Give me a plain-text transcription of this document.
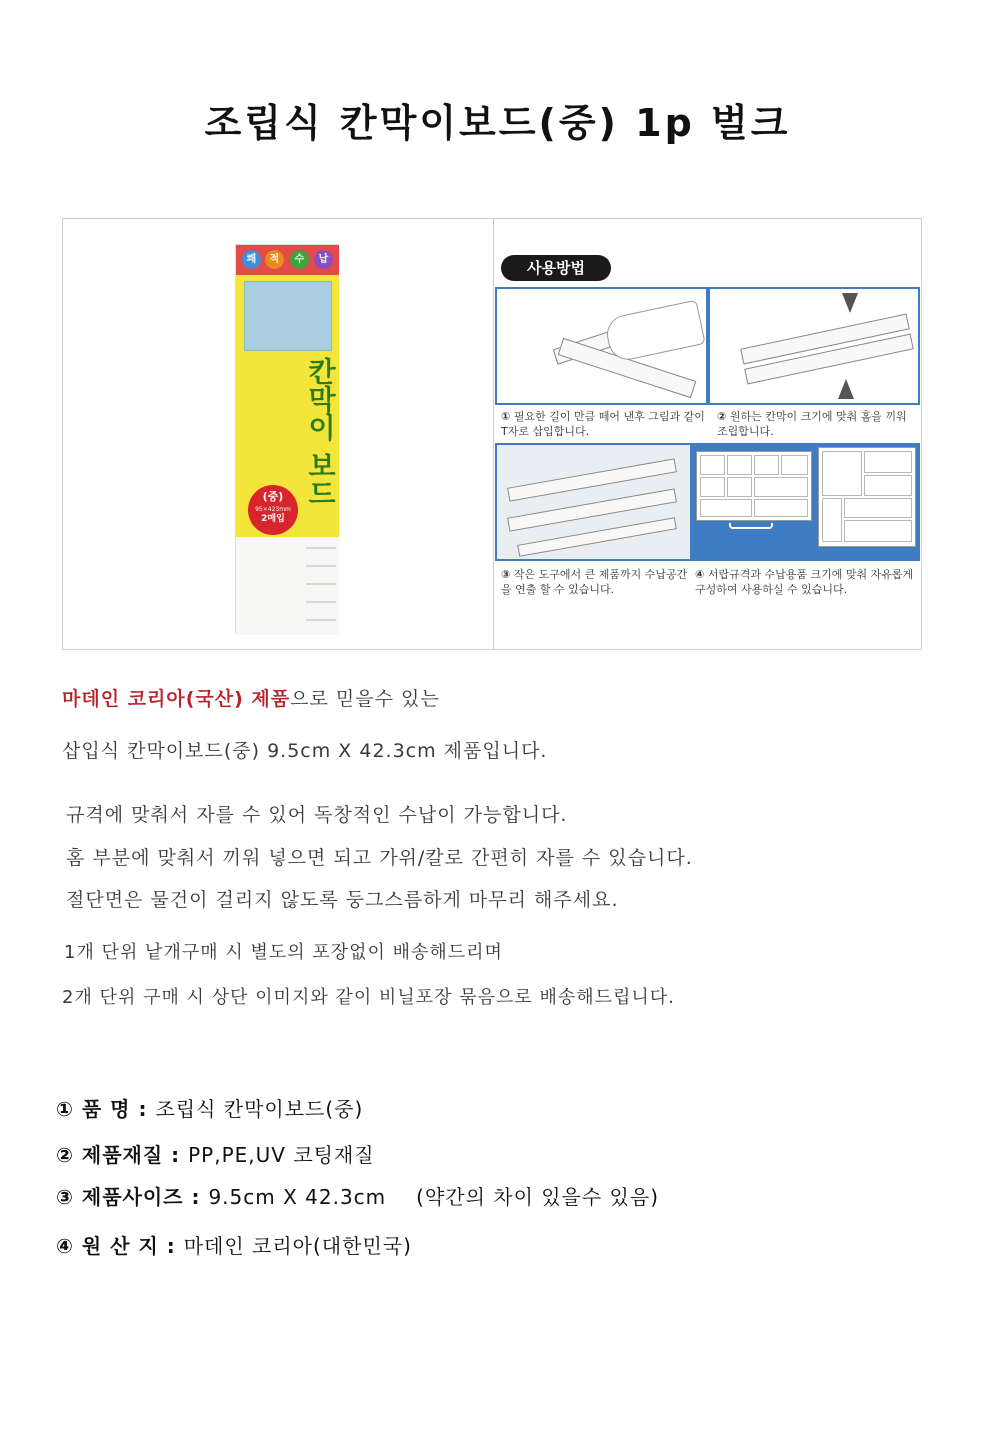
조립식 칸막이보드(중) 1p 벌크
쾌	적	수	납
칸막이 보드
(중)
95×423mm
2매입
사용방법
① 필요한 길이 만큼 떼어 낸후 그림과 같이 T자로 삽입합니다.
② 원하는 칸막이 크기에 맞춰 홈을 끼워 조립합니다.
③ 작은 도구에서 큰 제품까지 수납공간을 연출 할 수 있습니다.
④ 서랍규격과 수납용품 크기에 맞춰 자유롭게 구성하여 사용하실 수 있습니다.
마데인 코리아(국산) 제품으로 믿을수 있는
삽입식 칸막이보드(중) 9.5cm X 42.3cm 제품입니다.
규격에 맞춰서 자를 수 있어 독창적인 수납이 가능합니다.
홈 부분에 맞춰서 끼워 넣으면 되고 가위/칼로 간편히 자를 수 있습니다.
절단면은 물건이 걸리지 않도록 둥그스름하게 마무리 해주세요.
1개 단위 낱개구매 시 별도의 포장없이 배송해드리며
2개 단위 구매 시 상단 이미지와 같이 비닐포장 묶음으로 배송해드립니다.
① 품 명 : 조립식 칸막이보드(중)
② 제품재질 : PP,PE,UV 코팅재질
③ 제품사이즈 : 9.5cm X 42.3cm (약간의 차이 있을수 있음)
④ 원 산 지 : 마데인 코리아(대한민국)
